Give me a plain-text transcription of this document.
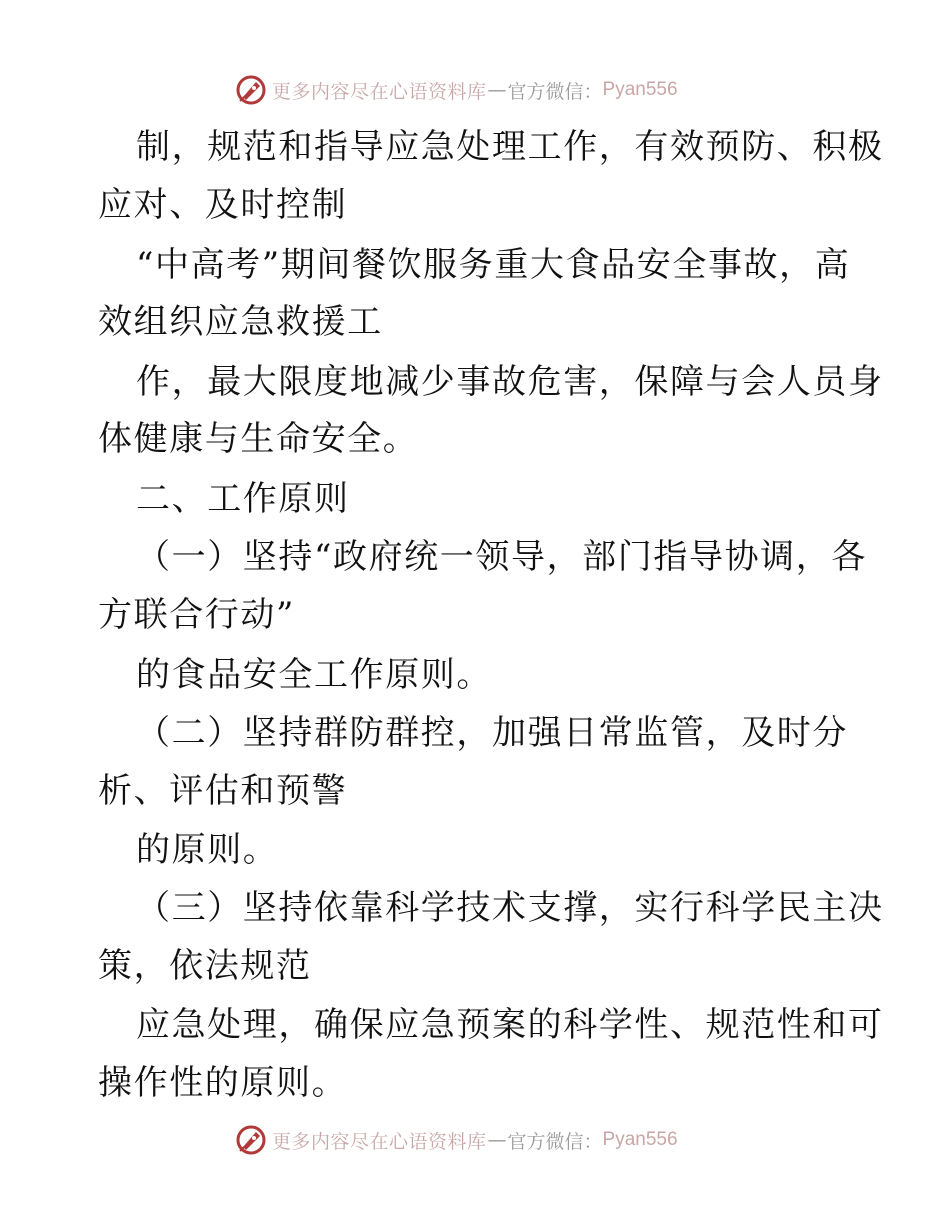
更多内容尽在心语资料库 — 官方微信： Pyan556
制，规范和指导应急处理工作，有效预防、积极
应对、及时控制
“中高考”期间餐饮服务重大食品安全事故，高
效组织应急救援工
作，最大限度地减少事故危害，保障与会人员身
体健康与生命安全。
二、工作原则
（一）坚持“政府统一领导，部门指导协调，各
方联合行动”
的食品安全工作原则。
（二）坚持群防群控，加强日常监管，及时分
析、评估和预警
的原则。
（三）坚持依靠科学技术支撑，实行科学民主决
策，依法规范
应急处理，确保应急预案的科学性、规范性和可
操作性的原则。
更多内容尽在心语资料库 — 官方微信： Pyan556
